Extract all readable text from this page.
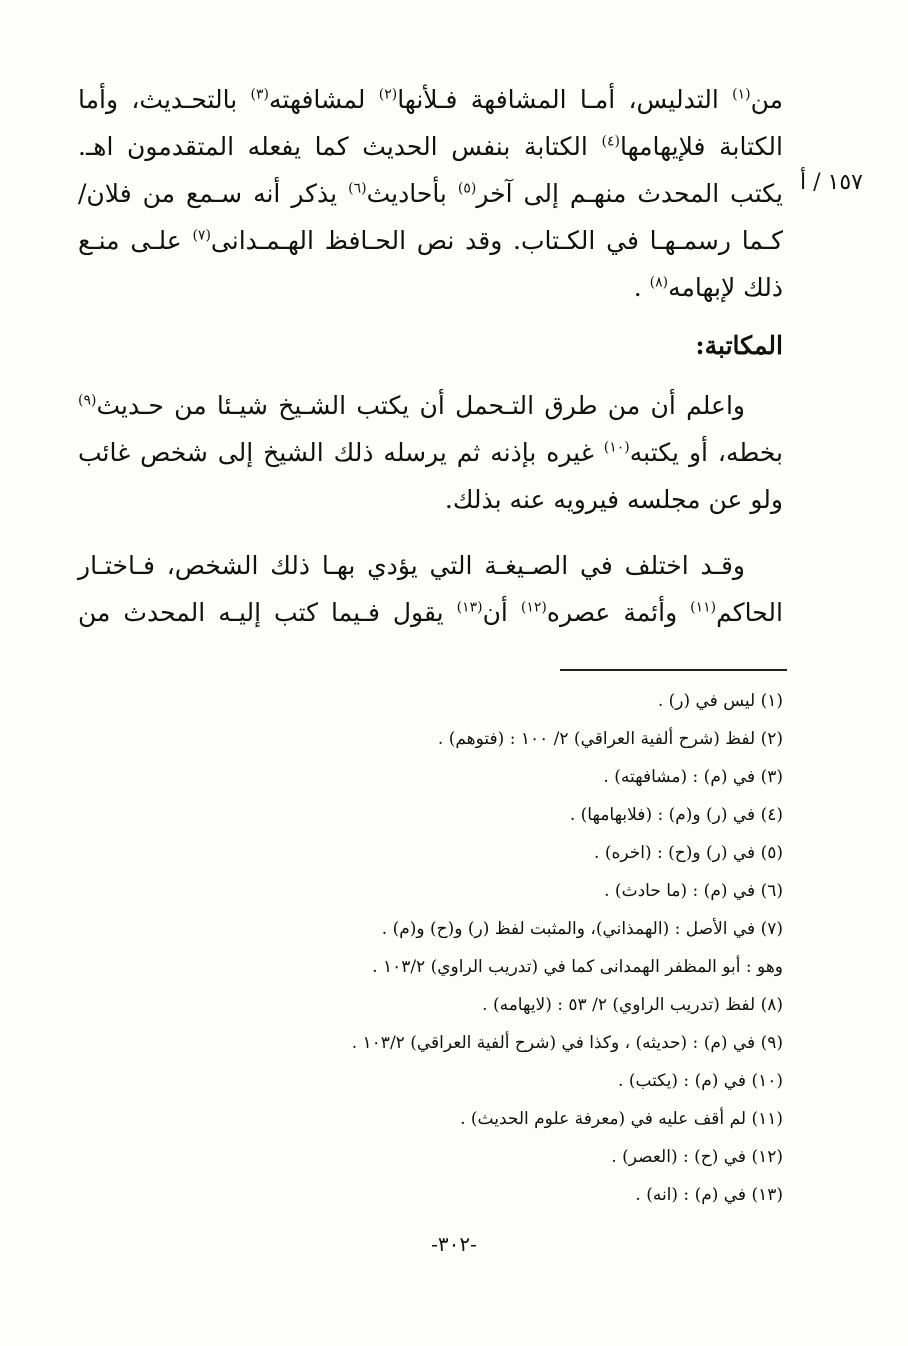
١٥٧ / أ

من$^{(١)}$ التدليس، أمـا المشافهة فـلأنها$^{(٢)}$ لمشافهته$^{(٣)}$ بالتحـديث، وأما الكتابة فلإيهامها$^{(٤)}$ الكتابة بنفس الحديث كما يفعله المتقدمون اهـ. يكتب المحدث منهـم إلى آخر$^{(٥)}$ بأحاديث$^{(٦)}$ يذكر أنه سـمع من فلان/ كـما رسمـهـا في الكـتاب. وقد نص الحـافظ الهـمـدانى$^{(٧)}$ علـى منـع ذلك لإبهامه$^{(٨)}$ .

المكاتبة:

واعلم أن من طرق التـحمل أن يكتب الشـيخ شيـئا من حـديث$^{(٩)}$ بخطه، أو يكتبه$^{(١٠)}$ غيره بإذنه ثم يرسله ذلك الشيخ إلى شخص غائب ولو عن مجلسه فيرويه عنه بذلك.

وقـد اختلف في الصـيغـة التي يؤدي بهـا ذلك الشخص، فـاختـار الحاكم$^{(١١)}$ وأئمة عصره$^{(١٢)}$ أن$^{(١٣)}$ يقول فـيما كتب إليـه المحدث من

(١) ليس في (ر) .
(٢) لفظ (شرح ألفية العراقي) ٢/ ١٠٠ : (فتوهم) .
(٣) في (م) : (مشافهته) .
(٤) في (ر) و(م) : (فلابهامها) .
(٥) في (ر) و(ح) : (اخره) .
(٦) في (م) : (ما حادث) .
(٧) في الأصل : (الهمذاني)، والمثبت لفظ (ر) و(ح) و(م) .
وهو : أبو المظفر الهمدانى كما في (تدريب الراوي) ١٠٣/٢ .
(٨) لفظ (تدريب الراوي) ٢/ ٥٣ : (لايهامه) .
(٩) في (م) : (حديثه) ، وكذا في (شرح ألفية العراقي) ١٠٣/٢ .
(١٠) في (م) : (يكتب) .
(١١) لم أقف عليه في (معرفة علوم الحديث) .
(١٢) في (ح) : (العصر) .
(١٣) في (م) : (انه) .
-٣٠٢-
